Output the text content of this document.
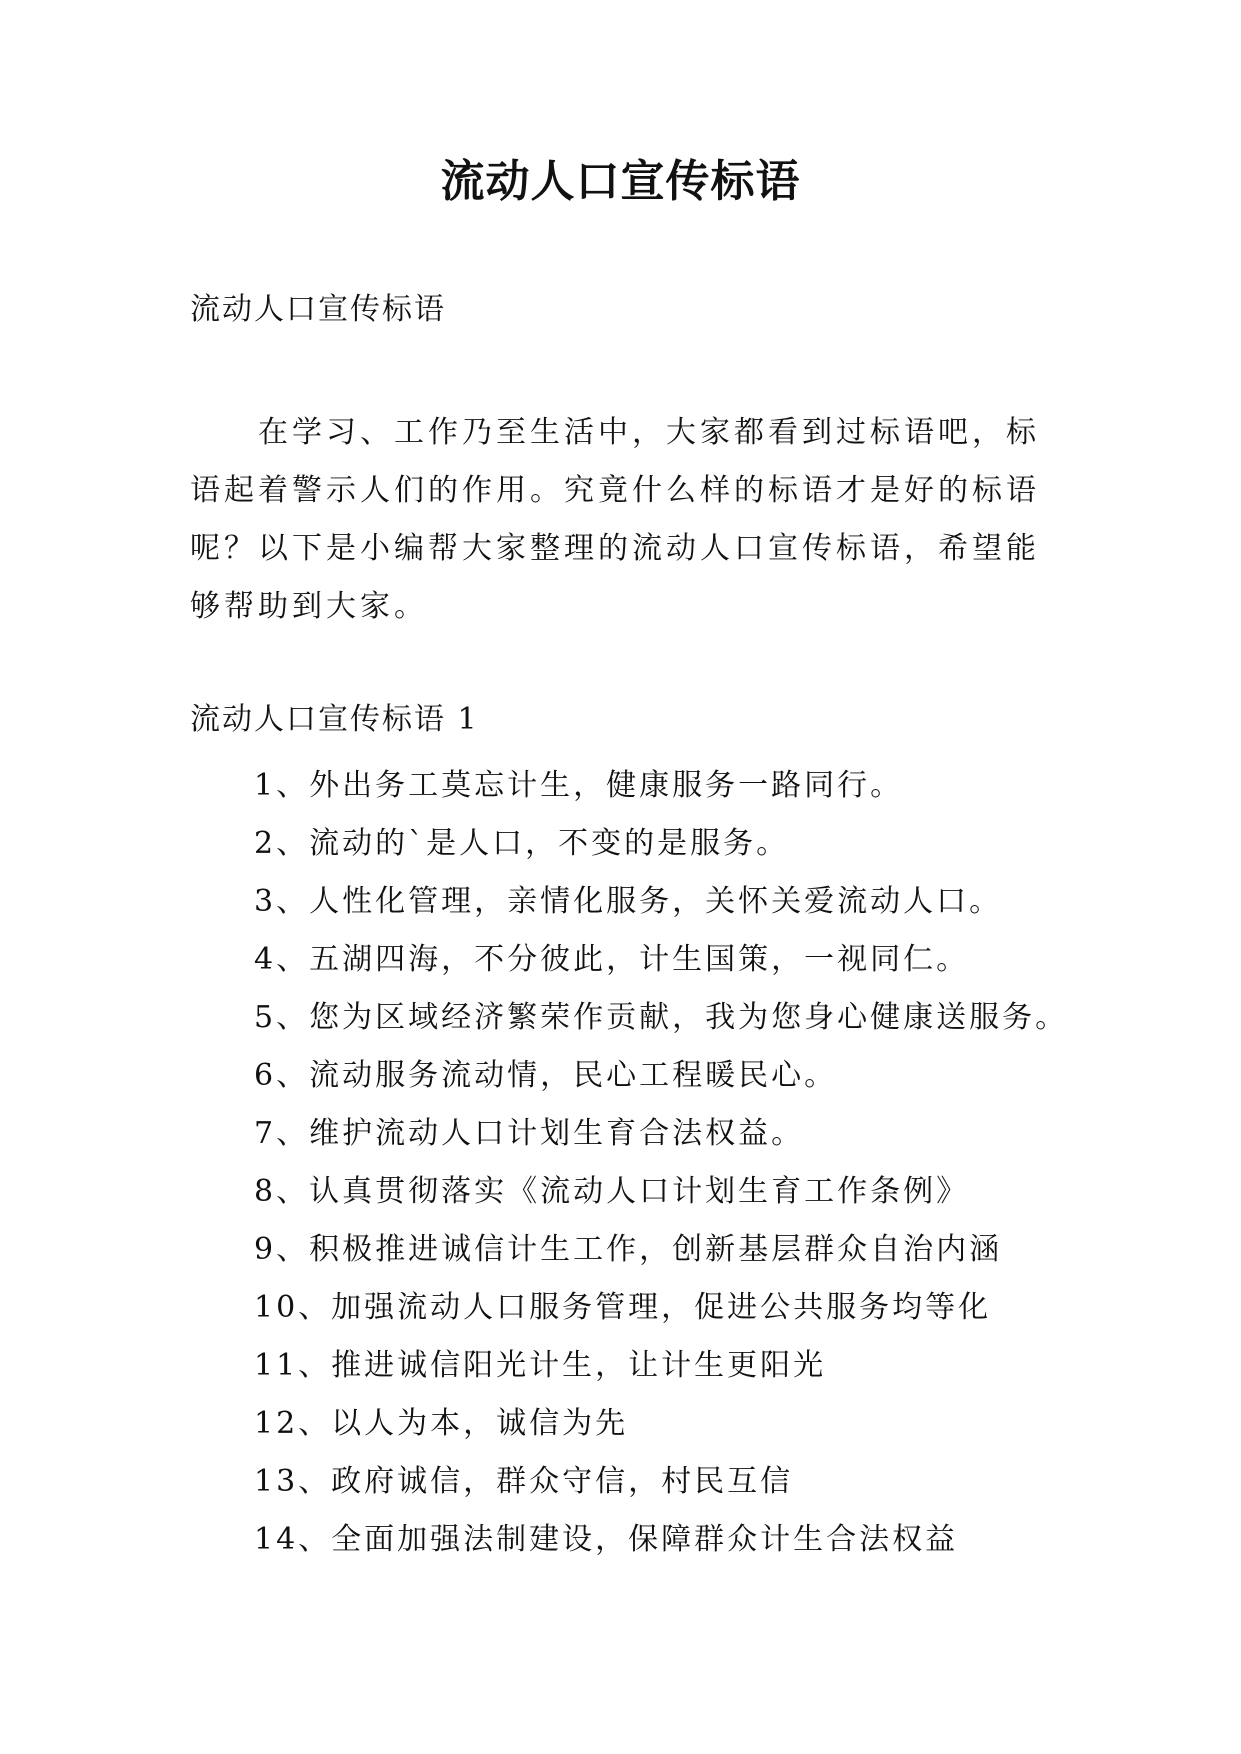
流动人口宣传标语

流动人口宣传标语

在学习、工作乃至生活中，大家都看到过标语吧，标语起着警示人们的作用。究竟什么样的标语才是好的标语呢？以下是小编帮大家整理的流动人口宣传标语，希望能够帮助到大家。

流动人口宣传标语 1

1、外出务工莫忘计生，健康服务一路同行。
2、流动的`是人口，不变的是服务。
3、人性化管理，亲情化服务，关怀关爱流动人口。
4、五湖四海，不分彼此，计生国策，一视同仁。
5、您为区域经济繁荣作贡献，我为您身心健康送服务。
6、流动服务流动情，民心工程暖民心。
7、维护流动人口计划生育合法权益。
8、认真贯彻落实《流动人口计划生育工作条例》
9、积极推进诚信计生工作，创新基层群众自治内涵
10、加强流动人口服务管理，促进公共服务均等化
11、推进诚信阳光计生，让计生更阳光
12、以人为本，诚信为先
13、政府诚信，群众守信，村民互信
14、全面加强法制建设，保障群众计生合法权益
